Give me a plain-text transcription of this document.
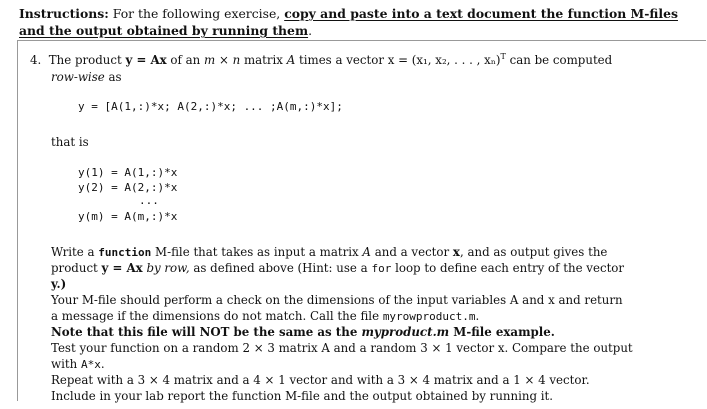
Instructions: For the following exercise, copy and paste into a text document the function M-files
and the output obtained by running them.
4. The product y = Ax of an m × n matrix A times a vector x = (x₁, x₂, . . . , xₙ)$^T$ can be computed
row-wise as
y = [A(1,:)*x; A(2,:)*x; ... ;A(m,:)*x];
that is
y(1) = A(1,:)*x
y(2) = A(2,:)*x
...
y(m) = A(m,:)*x
Write a function M-file that takes as input a matrix A and a vector x, and as output gives the
product y = Ax by row, as defined above (Hint: use a for loop to define each entry of the vector
y.)
Your M-file should perform a check on the dimensions of the input variables A and x and return
a message if the dimensions do not match. Call the file myrowproduct.m.
Note that this file will NOT be the same as the myproduct.m M-file example.
Test your function on a random 2 × 3 matrix A and a random 3 × 1 vector x. Compare the output
with A*x.
Repeat with a 3 × 4 matrix and a 4 × 1 vector and with a 3 × 4 matrix and a 1 × 4 vector.
Include in your lab report the function M-file and the output obtained by running it.
